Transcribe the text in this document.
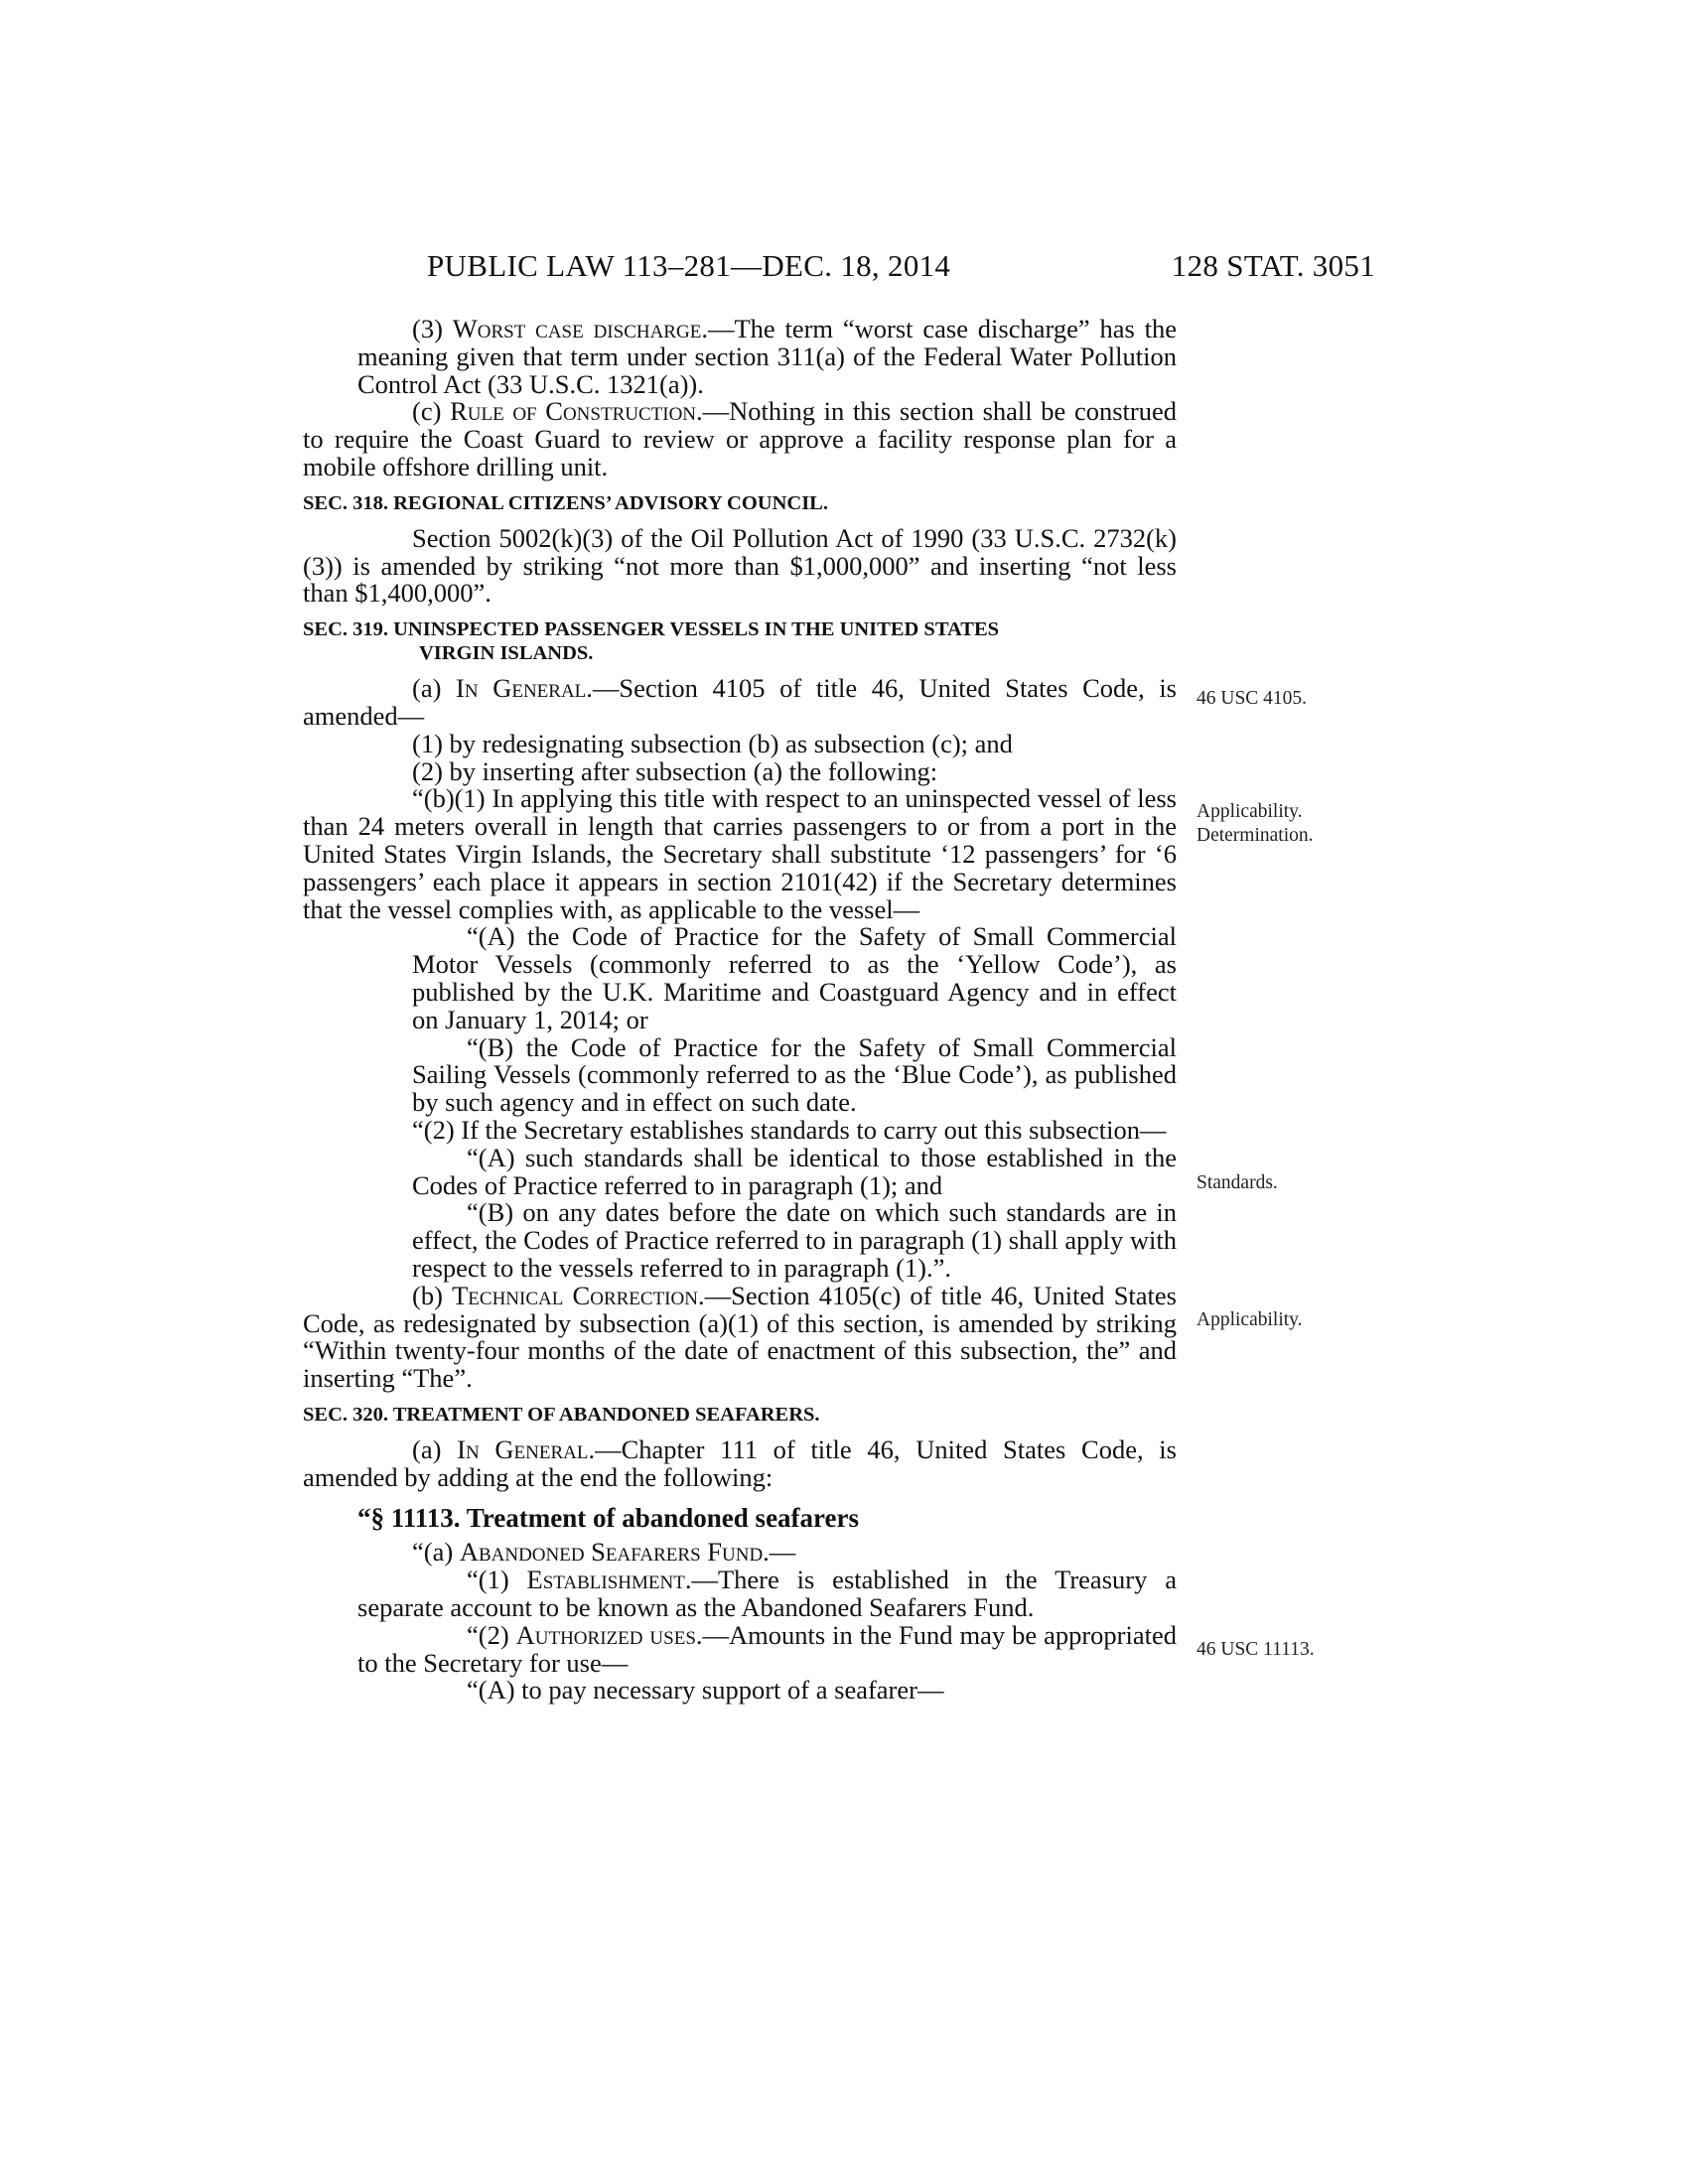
PUBLIC LAW 113–281—DEC. 18, 2014	128 STAT. 3051

(3) Worst case discharge.—The term “worst case discharge” has the meaning given that term under section 311(a) of the Federal Water Pollution Control Act (33 U.S.C. 1321(a)).

(c) Rule of Construction.—Nothing in this section shall be construed to require the Coast Guard to review or approve a facility response plan for a mobile offshore drilling unit.

SEC. 318. REGIONAL CITIZENS’ ADVISORY COUNCIL.

Section 5002(k)(3) of the Oil Pollution Act of 1990 (33 U.S.C. 2732(k)(3)) is amended by striking “not more than $1,000,000” and inserting “not less than $1,400,000”.

SEC. 319. UNINSPECTED PASSENGER VESSELS IN THE UNITED STATES
VIRGIN ISLANDS.

(a) In General.—Section 4105 of title 46, United States Code, is amended—

(1) by redesignating subsection (b) as subsection (c); and

(2) by inserting after subsection (a) the following:

“(b)(1) In applying this title with respect to an uninspected vessel of less than 24 meters overall in length that carries passengers to or from a port in the United States Virgin Islands, the Secretary shall substitute ‘12 passengers’ for ‘6 passengers’ each place it appears in section 2101(42) if the Secretary determines that the vessel complies with, as applicable to the vessel—

“(A) the Code of Practice for the Safety of Small Commercial Motor Vessels (commonly referred to as the ‘Yellow Code’), as published by the U.K. Maritime and Coastguard Agency and in effect on January 1, 2014; or

“(B) the Code of Practice for the Safety of Small Commercial Sailing Vessels (commonly referred to as the ‘Blue Code’), as published by such agency and in effect on such date.

“(2) If the Secretary establishes standards to carry out this subsection—

“(A) such standards shall be identical to those established in the Codes of Practice referred to in paragraph (1); and

“(B) on any dates before the date on which such standards are in effect, the Codes of Practice referred to in paragraph (1) shall apply with respect to the vessels referred to in paragraph (1).”.

(b) Technical Correction.—Section 4105(c) of title 46, United States Code, as redesignated by subsection (a)(1) of this section, is amended by striking “Within twenty-four months of the date of enactment of this subsection, the” and inserting “The”.

SEC. 320. TREATMENT OF ABANDONED SEAFARERS.

(a) In General.—Chapter 111 of title 46, United States Code, is amended by adding at the end the following:

“§ 11113. Treatment of abandoned seafarers

“(a) Abandoned Seafarers Fund.—

“(1) Establishment.—There is established in the Treasury a separate account to be known as the Abandoned Seafarers Fund.

“(2) Authorized uses.—Amounts in the Fund may be appropriated to the Secretary for use—

“(A) to pay necessary support of a seafarer—

46 USC 4105.
Applicability.
Determination.
Standards.
Applicability.
46 USC 11113.
